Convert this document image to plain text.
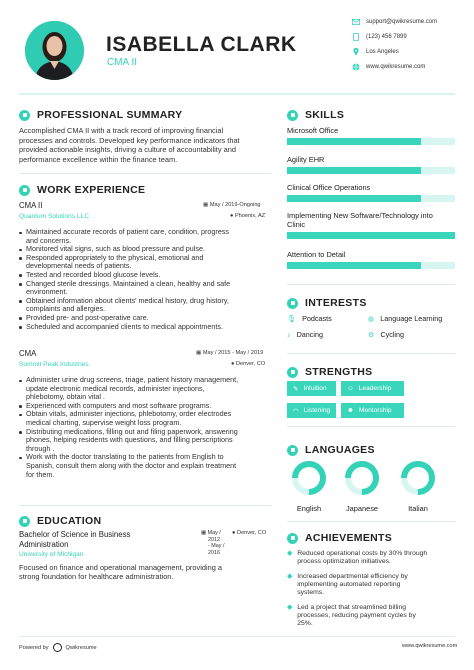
ISABELLA CLARK
CMA II
support@qwikresume.com
(123) 456 7899
Los Angeles
www.qwikresume.com
PROFESSIONAL SUMMARY
Accomplished CMA II with a track record of improving financial
processes and controls. Developed key performance indicators that
provided actionable insights, driving a culture of accountability and
performance excellence within the finance team.
WORK EXPERIENCE
CMA II
Quantum Solutions LLC
▦ May / 2019-Ongoing
● Phoenix, AZ
Maintained accurate records of patient care, condition, progress
and concerns.
Monitored vital signs, such as blood pressure and pulse.
Responded appropriately to the physical, emotional and
developmental needs of patients.
Tested and recorded blood glucose levels.
Changed sterile dressings. Maintained a clean, healthy and safe
environment.
Obtained information about clients' medical history, drug history,
complaints and allergies.
Provided pre- and post-operative care.
Scheduled and accompanied clients to medical appointments.
CMA
Summit Peak Industries
▦ May / 2015 - May / 2019
● Denver, CO
Administer urine drug screens, triage, patient history management,
update electronic medical records, administer injections,
phlebotomy, obtain vital .
Experienced with computers and most software programs.
Obtain vitals, administer injections, phlebotomy, order electrodes
medical charting, supervise weight loss program.
Distributing medications, filling out and filing paperwork, answering
phones, helping residents with questions, and filling perscriptions
through .
Work with the doctor translating to the patients from English to
Spanish, consult them along with the doctor and explain treatment
for them.
EDUCATION
Bachelor of Science in Business
Administration
University of Michigan
▦ May /
2012
- May /
2016
● Denver, CO
Focused on finance and operational management, providing a
strong foundation for healthcare administration.
SKILLS
Microsoft Office
Agility EHR
Clinical Office Operations
Implementing New Software/Technology into
Clinic
Attention to Detail
INTERESTS
🎙︎ Podcasts	◍ Language Learning
♪ Dancing	⚙ Cycling
STRENGTHS
✎ Intuition	☺ Leadership
◠ Listening	☻ Mentorship
LANGUAGES
English	Japanese	Italian
ACHIEVEMENTS
◆ Reduced operational costs by 30% through
process optimization initiatives.
◆ Increased departmental efficiency by
implementing automated reporting
systems.
◆ Led a project that streamlined billing
processes, reducing payment cycles by
25%.
Powered by	Qwikresume	www.qwikresume.com
